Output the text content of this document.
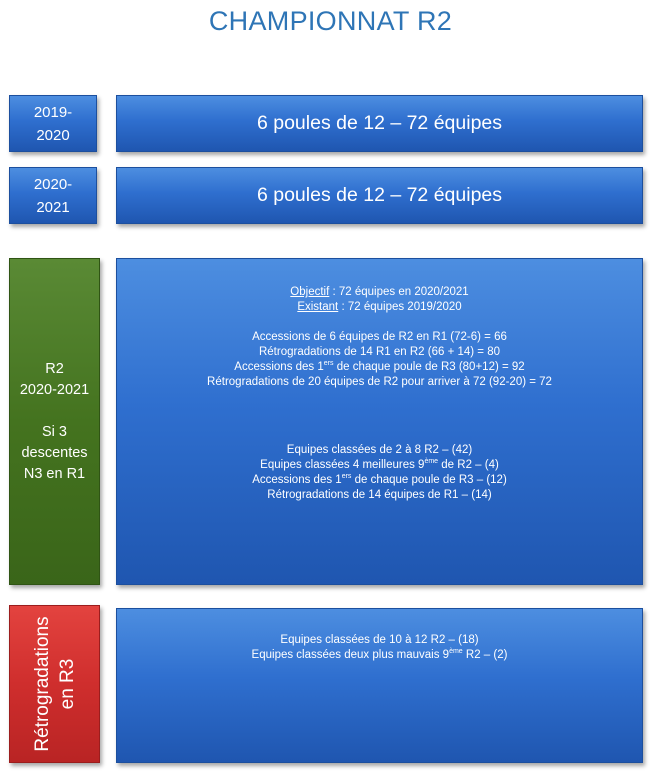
CHAMPIONNAT R2
2019-
2020
6 poules de 12 – 72 équipes
2020-
2021
6 poules de 12 – 72 équipes
R2
2020-2021
Si 3
descentes
N3 en R1
Objectif : 72 équipes en 2020/2021
Existant : 72 équipes 2019/2020
Accessions de 6 équipes de R2 en R1 (72-6) = 66
Rétrogradations de 14 R1 en R2 (66 + 14) = 80
Accessions des 1ers de chaque poule de R3 (80+12) = 92
Rétrogradations de 20 équipes de R2 pour arriver à 72 (92-20) = 72
Equipes classées de 2 à 8 R2 – (42)
Equipes classées 4 meilleures 9ème de R2 – (4)
Accessions des 1ers de chaque poule de R3 – (12)
Rétrogradations de 14 équipes de R1 – (14)
Rétrogradations en R3
Equipes classées de 10 à 12 R2 – (18)
Equipes classées deux plus mauvais 9ème R2 – (2)
